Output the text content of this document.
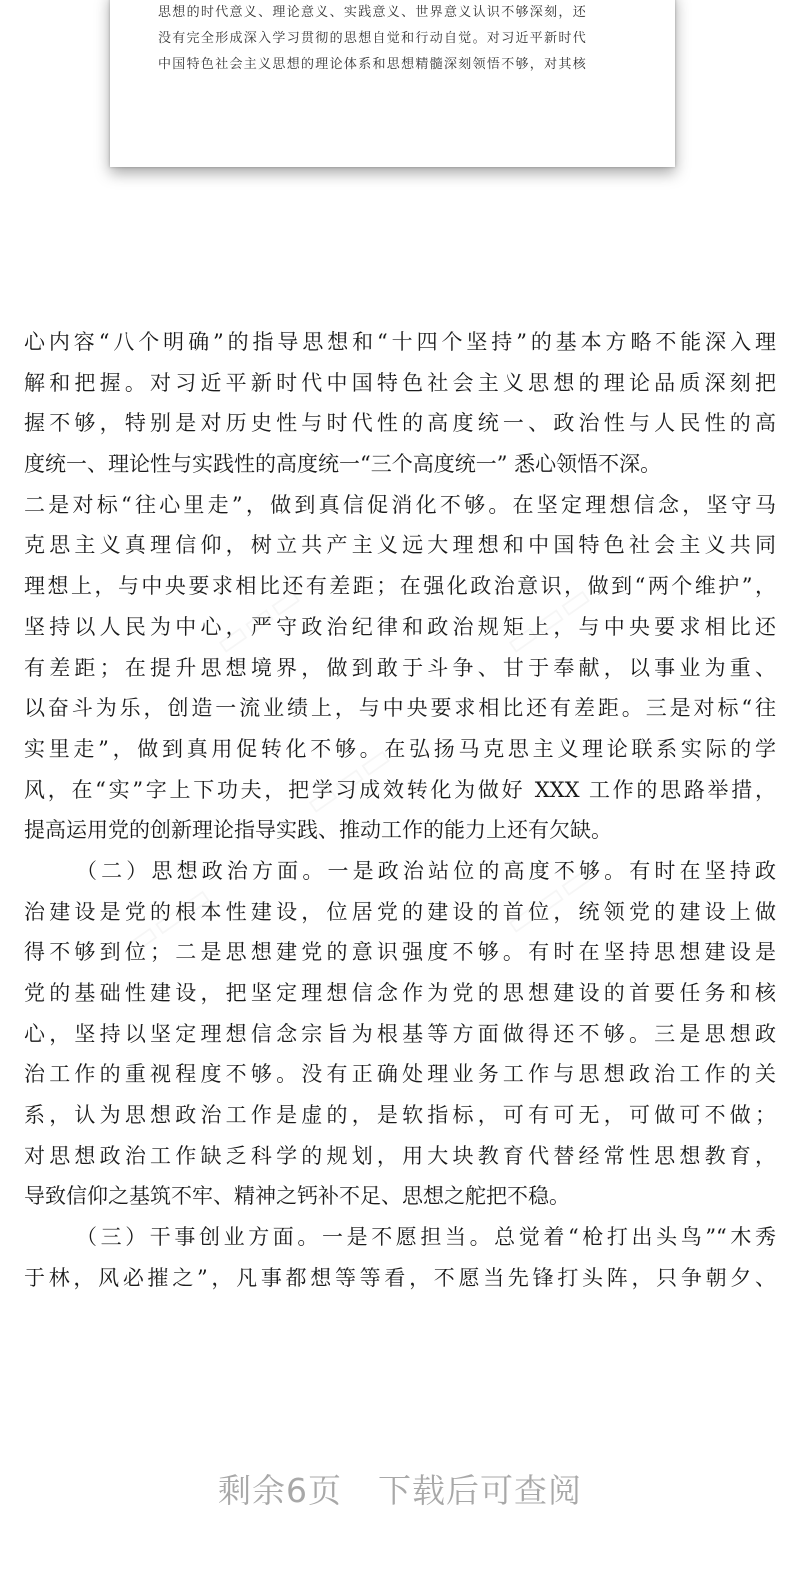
思想的时代意义、理论意义、实践意义、世界意义认识不够深刻，还
没有完全形成深入学习贯彻的思想自觉和行动自觉。对习近平新时代
中国特色社会主义思想的理论体系和思想精髓深刻领悟不够，对其核
心内容“八个明确”的指导思想和“十四个坚持”的基本方略不能深入理
解和把握。对习近平新时代中国特色社会主义思想的理论品质深刻把
握不够，特别是对历史性与时代性的高度统一、政治性与人民性的高
度统一、理论性与实践性的高度统一“三个高度统一” 悉心领悟不深。
二是对标“往心里走”，做到真信促消化不够。在坚定理想信念，坚守马
克思主义真理信仰，树立共产主义远大理想和中国特色社会主义共同
理想上，与中央要求相比还有差距；在强化政治意识，做到“两个维护”，
坚持以人民为中心，严守政治纪律和政治规矩上，与中央要求相比还
有差距；在提升思想境界，做到敢于斗争、甘于奉献，以事业为重、
以奋斗为乐，创造一流业绩上，与中央要求相比还有差距。三是对标“往
实里走”，做到真用促转化不够。在弘扬马克思主义理论联系实际的学
风，在“实”字上下功夫，把学习成效转化为做好 XXX 工作的思路举措，
提高运用党的创新理论指导实践、推动工作的能力上还有欠缺。
（二）思想政治方面。一是政治站位的高度不够。有时在坚持政
治建设是党的根本性建设，位居党的建设的首位，统领党的建设上做
得不够到位；二是思想建党的意识强度不够。有时在坚持思想建设是
党的基础性建设，把坚定理想信念作为党的思想建设的首要任务和核
心，坚持以坚定理想信念宗旨为根基等方面做得还不够。三是思想政
治工作的重视程度不够。没有正确处理业务工作与思想政治工作的关
系，认为思想政治工作是虚的，是软指标，可有可无，可做可不做；
对思想政治工作缺乏科学的规划，用大块教育代替经常性思想教育，
导致信仰之基筑不牢、精神之钙补不足、思想之舵把不稳。
（三）干事创业方面。一是不愿担当。总觉着“枪打出头鸟”“木秀
于林，风必摧之”，凡事都想等等看，不愿当先锋打头阵，只争朝夕、
剩余6页 下载后可查阅
